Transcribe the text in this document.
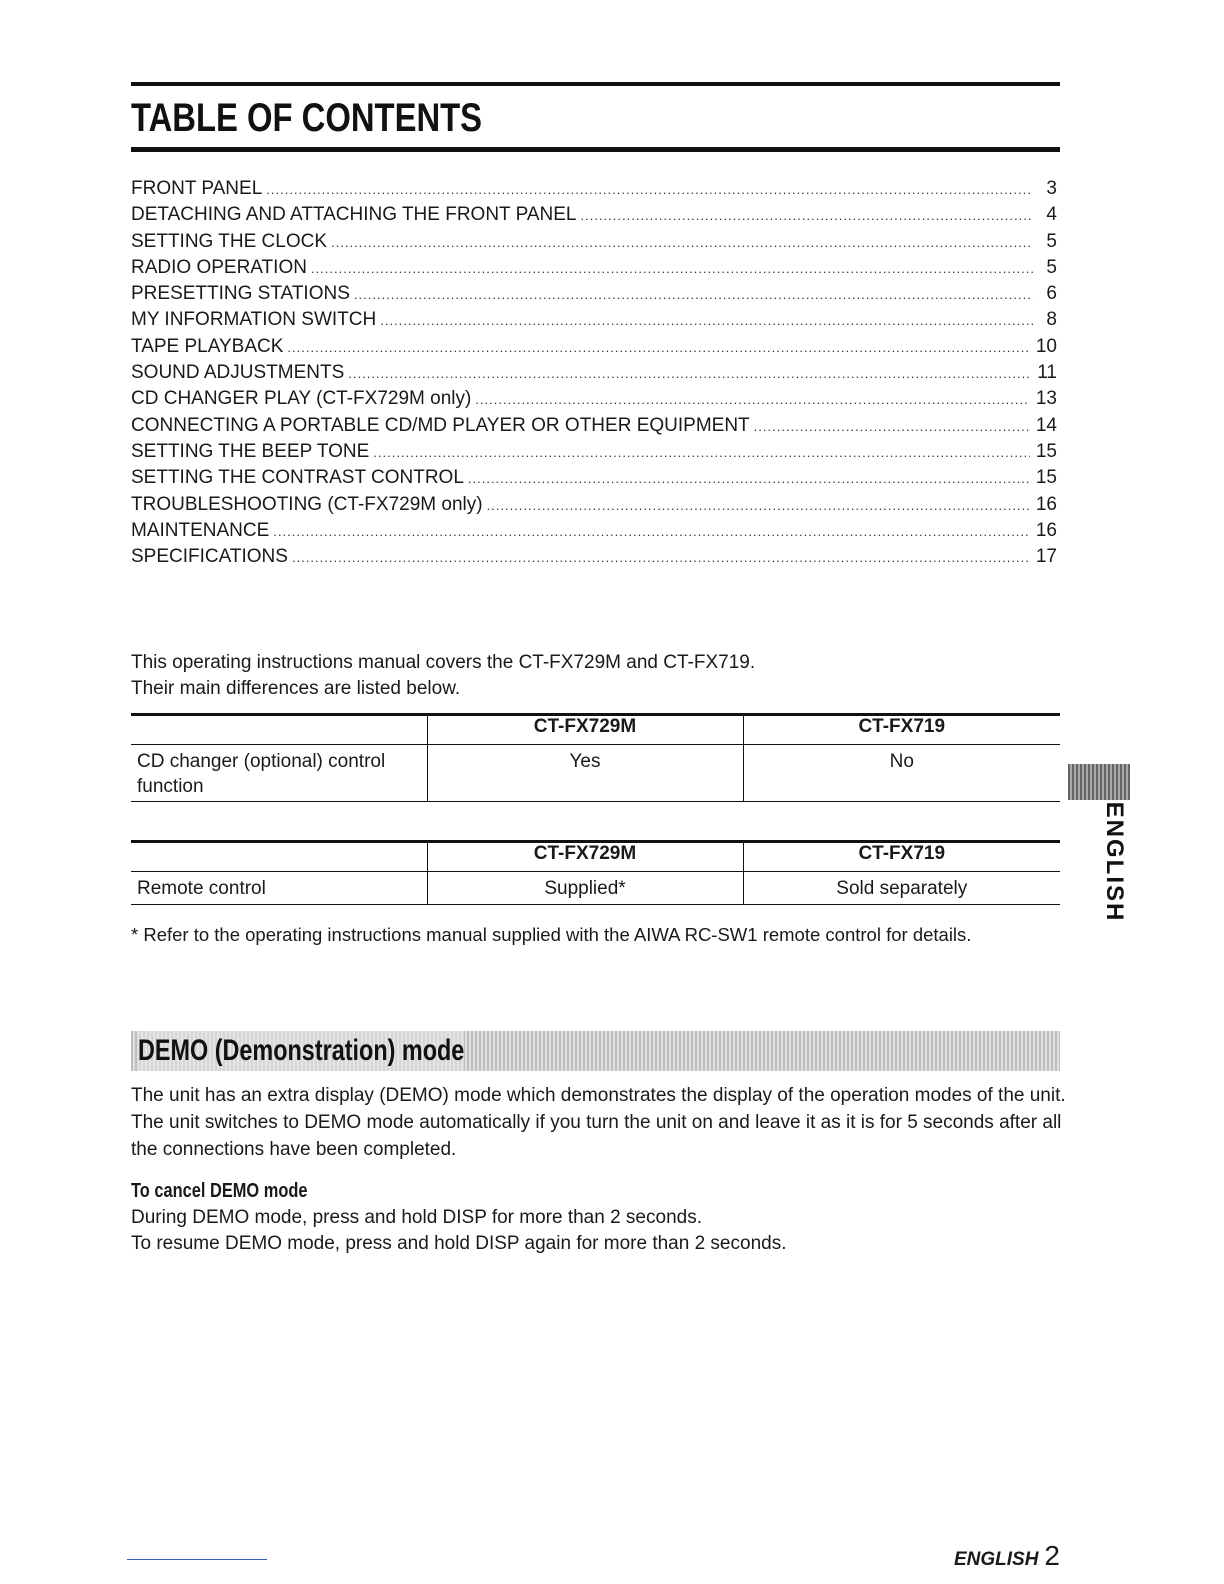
TABLE OF CONTENTS
FRONT PANEL .....	3
DETACHING AND ATTACHING THE FRONT PANEL .....	4
SETTING THE CLOCK .....	5
RADIO OPERATION .....	5
PRESETTING STATIONS .....	6
MY INFORMATION SWITCH .....	8
TAPE PLAYBACK .....	10
SOUND ADJUSTMENTS .....	11
CD CHANGER PLAY (CT-FX729M only) .....	13
CONNECTING A PORTABLE CD/MD PLAYER OR OTHER EQUIPMENT .....	14
SETTING THE BEEP TONE .....	15
SETTING THE CONTRAST CONTROL .....	15
TROUBLESHOOTING (CT-FX729M only) .....	16
MAINTENANCE .....	16
SPECIFICATIONS .....	17
This operating instructions manual covers the CT-FX729M and CT-FX719.
Their main differences are listed below.
	CT-FX729M	CT-FX719
CD changer (optional) control function	Yes	No
	CT-FX729M	CT-FX719
Remote control	Supplied*	Sold separately
* Refer to the operating instructions manual supplied with the AIWA RC-SW1 remote control for details.
ENGLISH
DEMO (Demonstration) mode

The unit has an extra display (DEMO) mode which demonstrates the display of the operation modes of the unit. The unit switches to DEMO mode automatically if you turn the unit on and leave it as it is for 5 seconds after all the connections have been completed.

To cancel DEMO mode
During DEMO mode, press and hold DISP for more than 2 seconds.
To resume DEMO mode, press and hold DISP again for more than 2 seconds.
ENGLISH 2
